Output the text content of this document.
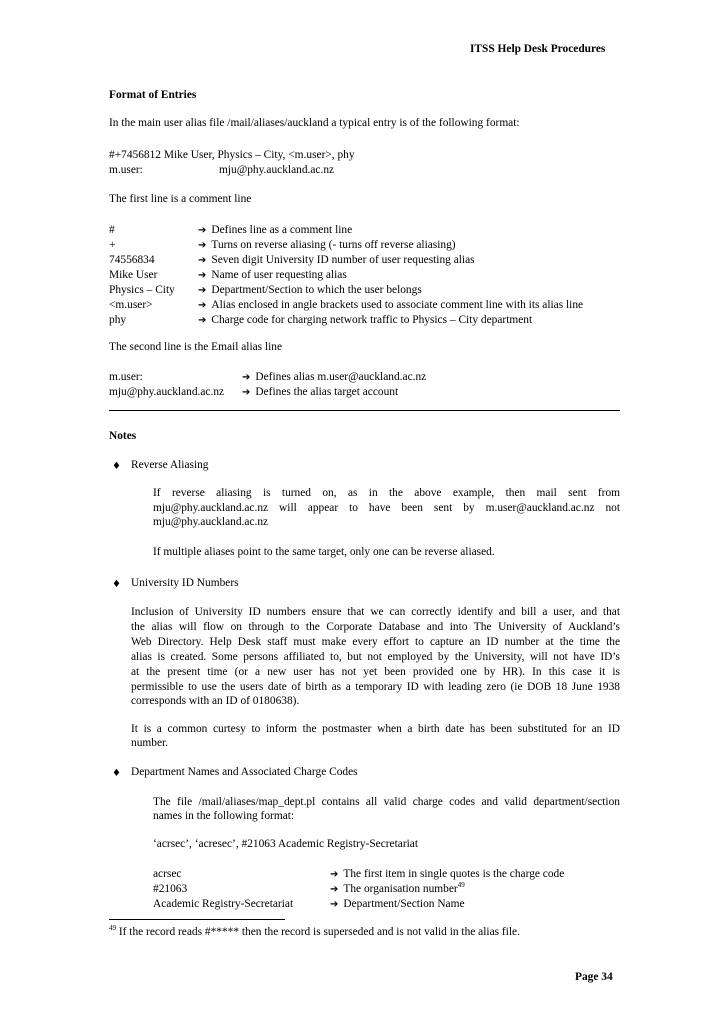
ITSS Help Desk Procedures
Format of Entries
In the main user alias file /mail/aliases/auckland a typical entry is of the following format:
#+7456812 Mike User, Physics – City, <m.user>, phy
m.user:	mju@phy.auckland.ac.nz
The first line is a comment line
#	➔ Defines line as a comment line
+	➔ Turns on reverse aliasing (- turns off reverse aliasing)
74556834	➔ Seven digit University ID number of user requesting alias
Mike User	➔ Name of user requesting alias
Physics – City ➔ Department/Section to which the user belongs
<m.user>	➔ Alias enclosed in angle brackets used to associate comment line with its alias line
phy	➔ Charge code for charging network traffic to Physics – City department
The second line is the Email alias line
m.user:	➔ Defines alias m.user@auckland.ac.nz
mju@phy.auckland.ac.nz ➔ Defines the alias target account
Notes
♦ Reverse Aliasing
If reverse aliasing is turned on, as in the above example, then mail sent from
mju@phy.auckland.ac.nz will appear to have been sent by m.user@auckland.ac.nz not
mju@phy.auckland.ac.nz
If multiple aliases point to the same target, only one can be reverse aliased.
♦ University ID Numbers
Inclusion of University ID numbers ensure that we can correctly identify and bill a user, and that
the alias will flow on through to the Corporate Database and into The University of Auckland’s
Web Directory. Help Desk staff must make every effort to capture an ID number at the time the
alias is created. Some persons affiliated to, but not employed by the University, will not have ID’s
at the present time (or a new user has not yet been provided one by HR). In this case it is
permissible to use the users date of birth as a temporary ID with leading zero (ie DOB 18 June 1938
corresponds with an ID of 0180638).
It is a common curtesy to inform the postmaster when a birth date has been substituted for an ID
number.
♦ Department Names and Associated Charge Codes
The file /mail/aliases/map_dept.pl contains all valid charge codes and valid department/section
names in the following format:
‘acrsec’, ‘acresec’, #21063 Academic Registry-Secretariat
acrsec	➔ The first item in single quotes is the charge code
#21063	➔ The organisation number$^{49}$
Academic Registry-Secretariat	➔ Department/Section Name
$^{49}$ If the record reads #***** then the record is superseded and is not valid in the alias file.
Page 34
